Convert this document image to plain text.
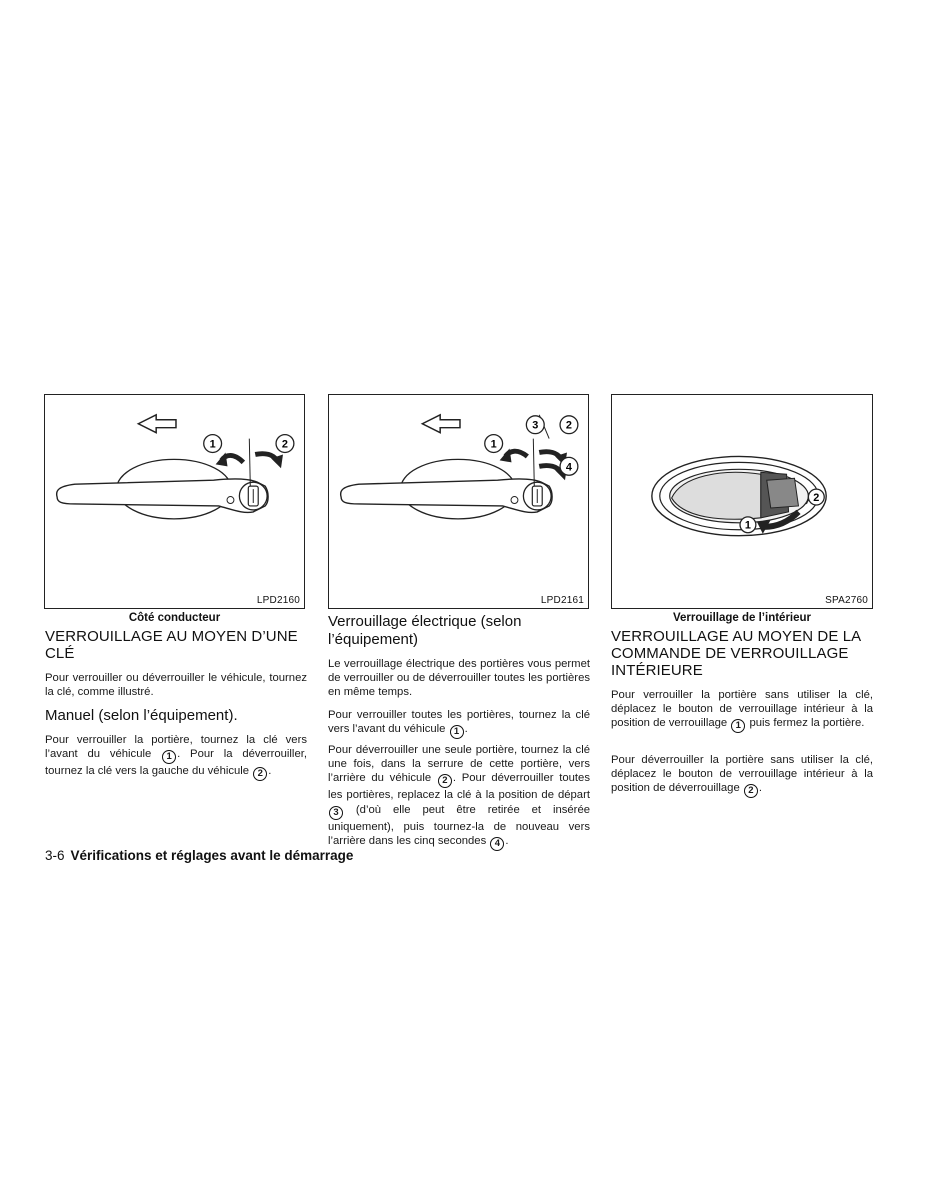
1	2
LPD2160
Côté conducteur
1
3	2
4
LPD2161
1
2
SPA2760
Verrouillage de l’intérieur
VERROUILLAGE AU MOYEN D’UNE CLÉ

Pour verrouiller ou déverrouiller le véhicule, tournez la clé, comme illustré.

Manuel (selon l’équipement).

Pour verrouiller la portière, tournez la clé vers l’avant du véhicule 1 . Pour la déverrouiller, tournez la clé vers la gauche du véhicule 2 .

Verrouillage électrique (selon l’équipement)

Le verrouillage électrique des portières vous permet de verrouiller ou de déverrouiller toutes les portières en même temps.

Pour verrouiller toutes les portières, tournez la clé vers l’avant du véhicule 1 .

Pour déverrouiller une seule portière, tournez la clé une fois, dans la serrure de cette portière, vers l’arrière du véhicule 2 . Pour déverrouiller toutes les portières, replacez la clé à la position de départ 3 (d’où elle peut être retirée et insérée uniquement), puis tournez-la de nouveau vers l’arrière dans les cinq secondes 4 .

VERROUILLAGE AU MOYEN DE LA COMMANDE DE VERROUILLAGE INTÉRIEURE

Pour verrouiller la portière sans utiliser la clé, déplacez le bouton de verrouillage intérieur à la position de verrouillage 1 puis fermez la portière.

Pour déverrouiller la portière sans utiliser la clé, déplacez le bouton de verrouillage intérieur à la position de déverrouillage 2 .

3-6 Vérifications et réglages avant le démarrage
